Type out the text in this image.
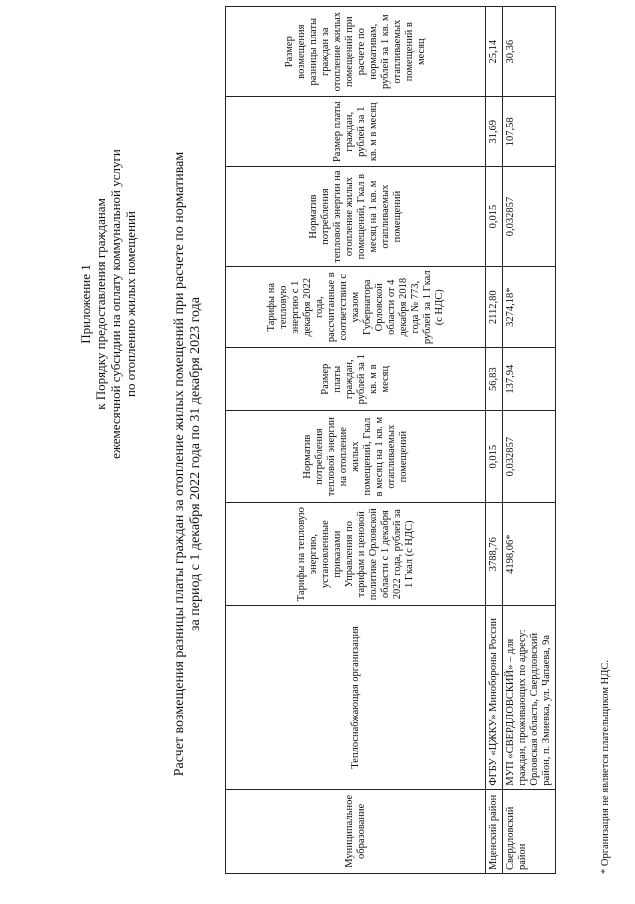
Приложение 1 к Порядку предоставления гражданам ежемесячной субсидии на оплату коммунальной услуги по отоплению жилых помещений Расчет возмещения разницы платы граждан за отопление жилых помещений при расчете по нормативам за период с 1 декабря 2022 года по 31 декабря 2023 года
Муниципальное образование	Теплоснабжающая организация	Тарифы на тепловую энергию, установленные приказами Управления по тарифам и ценовой политике Орловской области с 1 декабря 2022 года, рублей за 1 Гкал (с НДС)	Норматив потребления тепловой энергии на отопление жилых помещений, Гкал в месяц на 1 кв. м отапливаемых помещений	Размер платы граждан, рублей за 1 кв. м в месяц	Тарифы на тепловую энергию с 1 декабря 2022 года, рассчитанные в соответствии с указом Губернатора Орловской области от 4 декабря 2018 года № 773, рублей за 1 Гкал (с НДС)	Норматив потребления тепловой энергии на отопление жилых помещений, Гкал в месяц на 1 кв. м отапливаемых помещений	Размер платы граждан, рублей за 1 кв. м в месяц	Размер возмещения разницы платы граждан за отопление жилых помещений при расчете по нормативам, рублей за 1 кв. м отапливаемых помещений в месяц
Мценский район	ФГБУ «ЦЖКУ» Минобороны России	3788,76	0,015	56,83	2112,80	0,015	31,69	25,14
Свердловский район	МУП «СВЕРДЛОВСКИЙ» – для граждан, проживающих по адресу: Орловская область, Свердловский район, п. Змиевка, ул. Чапаева, 9а	4198,06*	0,032857	137,94	3274,18*	0,032857	107,58	30,36
* Организация не является плательщиком НДС.
